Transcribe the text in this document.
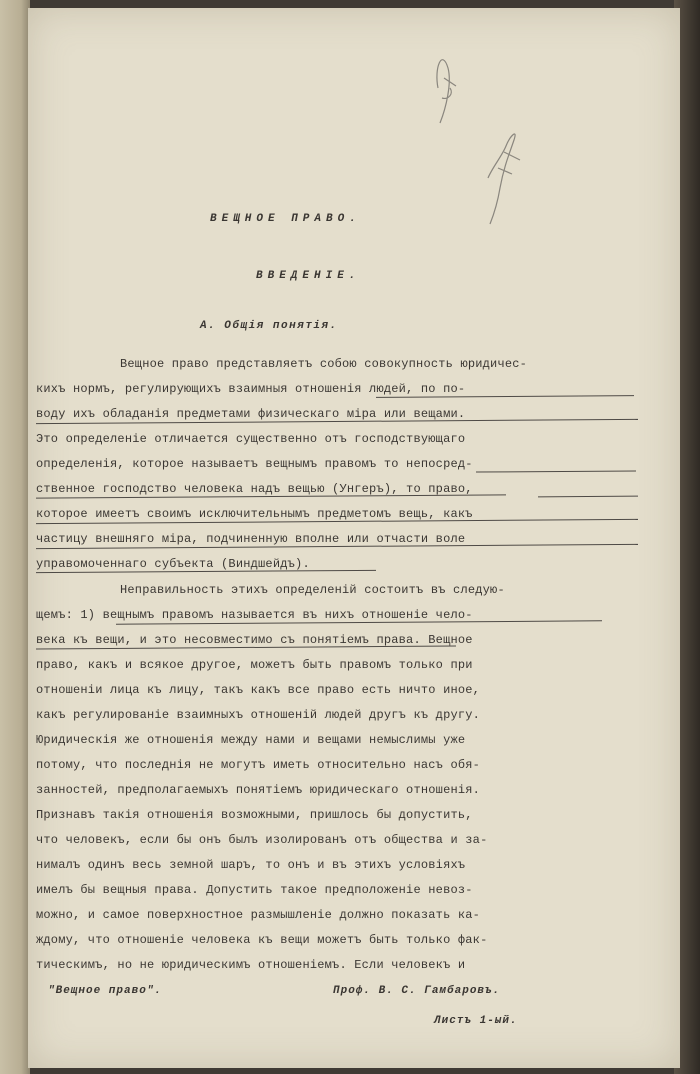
ВЕЩНОЕ ПРАВО.
ВВЕДЕНІЕ.
А. Общія понятія.
Вещное право представляетъ собою совокупность юридичес-
кихъ нормъ, регулирующихъ взаимныя отношенія людей, по по-
воду ихъ обладанія предметами физическаго міра или вещами.
Это определеніе отличается существенно отъ господствующаго
определенія, которое называетъ вещнымъ правомъ то непосред-
ственное господство человека надъ вещью (Унгеръ), то право,
которое имеетъ своимъ исключительнымъ предметомъ вещь, какъ
частицу внешняго міра, подчиненную вполне или отчасти воле
управомоченнаго субъекта (Виндшейдъ).
Неправильность этихъ определеній состоитъ въ следую-
щемъ: 1) вещнымъ правомъ называется въ нихъ отношеніе чело-
века къ вещи, и это несовместимо съ понятіемъ права. Вещное
право, какъ и всякое другое, можетъ быть правомъ только при
отношеніи лица къ лицу, такъ какъ все право есть ничто иное,
какъ регулированіе взаимныхъ отношеній людей другъ къ другу.
Юридическія же отношенія между нами и вещами немыслимы уже
потому, что последнія не могутъ иметь относительно насъ обя-
занностей, предполагаемыхъ понятіемъ юридическаго отношенія.
Признавъ такія отношенія возможными, пришлось бы допустить,
что человекъ, если бы онъ былъ изолированъ отъ общества и за-
нималъ одинъ весь земной шаръ, то онъ и въ этихъ условіяхъ
имелъ бы вещныя права. Допустить такое предположеніе невоз-
можно, и самое поверхностное размышленіе должно показать ка-
ждому, что отношеніе человека къ вещи можетъ быть только фак-
тическимъ, но не юридическимъ отношеніемъ. Если человекъ и
"Вещное право".	Проф. В. С. Гамбаровъ.
Листъ 1-ый.
